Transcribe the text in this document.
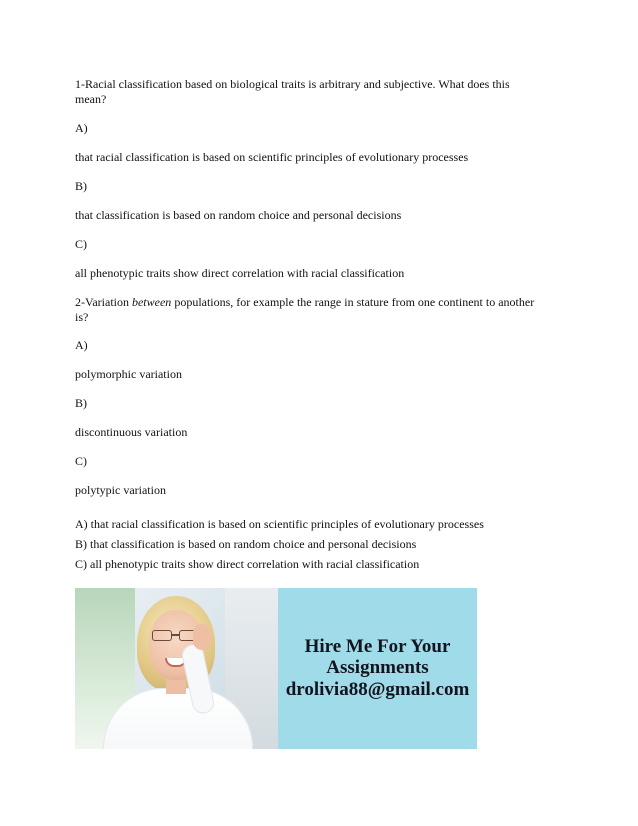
1-Racial classification based on biological traits is arbitrary and subjective. What does this

mean?

A)

that racial classification is based on scientific principles of evolutionary processes

B)

that classification is based on random choice and personal decisions

C)

all phenotypic traits show direct correlation with racial classification

2-Variation between populations, for example the range in stature from one continent to another

is?

A)

polymorphic variation

B)

discontinuous variation

C)

polytypic variation

A) that racial classification is based on scientific principles of evolutionary processes

B) that classification is based on random choice and personal decisions

C) all phenotypic traits show direct correlation with racial classification

Hire Me For Your
Assignments
drolivia88@gmail.com
